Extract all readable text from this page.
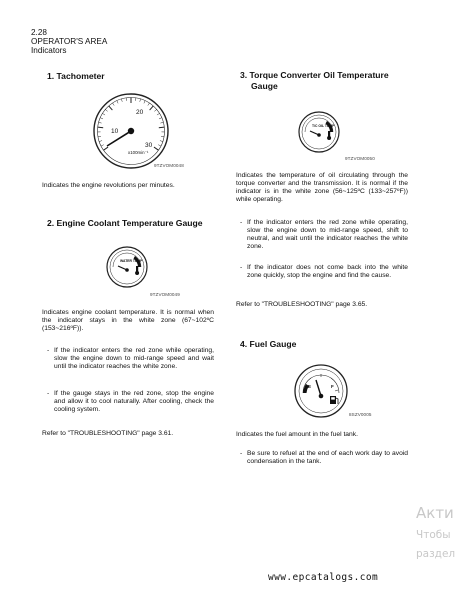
2.28
OPERATOR'S AREA
Indicators
1. Tachometer
10
20
30
x100min⁻¹
9TZVOM0048
Indicates the engine revolutions per minutes.
2. Engine Coolant Temperature Gauge
WATER TEMP
9TZVOM0049
Indicates engine coolant temperature. It is normal when the indicator stays in the white zone (67~102ºC (153~216ºF)).
- If the indicator enters the red zone while operating, slow the engine down to mid-range speed and wait until the indicator reaches the white zone.
- If the gauge stays in the red zone, stop the engine and allow it to cool naturally. After cooling, check the cooling system.
Refer to "TROUBLESHOOTING" page 3.61.
3. Torque Converter Oil Temperature
Gauge
T/C OIL TEMP
9TZVOM0050
Indicates the temperature of oil circulating through the torque converter and the transmission. It is normal if the indicator is in the white zone (56~125ºC (133~257ºF)) while operating.
- If the indicator enters the red zone while operating, slow the engine down to mid-range speed, shift to neutral, and wait until the indicator reaches the white zone.
- If the indicator does not come back into the white zone quickly, stop the engine and find the cause.
Refer to "TROUBLESHOOTING" page 3.65.
4. Fuel Gauge
E	F
8SZV0005
Indicates the fuel amount in the fuel tank.
- Be sure to refuel at the end of each work day to avoid condensation in the tank.
Акти
Чтобы
раздел
www.epcatalogs.com
